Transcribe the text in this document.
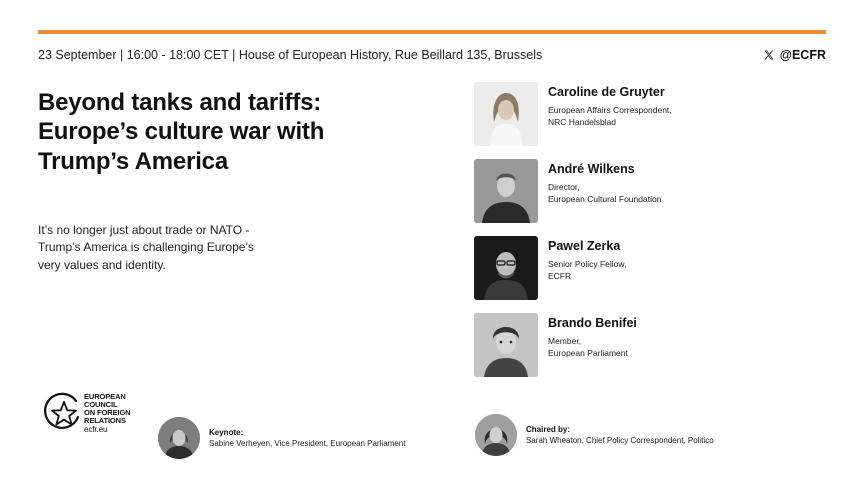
23 September | 16:00 - 18:00 CET | House of European History, Rue Beillard 135, Brussels	@ECFR
Beyond tanks and tariffs:
Europe’s culture war with
Trump’s America
It’s no longer just about trade or NATO -
Trump’s America is challenging Europe’s
very values and identity.
Caroline de Gruyter
European Affairs Correspondent,
NRC Handelsblad
André Wilkens
Director,
European Cultural Foundation
Pawel Zerka
Senior Policy Fellow,
ECFR
Brando Benifei
Member,
European Parliament
EUROPEAN
COUNCIL
ON FOREIGN
RELATIONS
ecfr.eu	Keynote:
Sabine Verheyen, Vice President, European Parliament
Chaired by:
Sarah Wheaton, Chief Policy Correspondent, Politico
